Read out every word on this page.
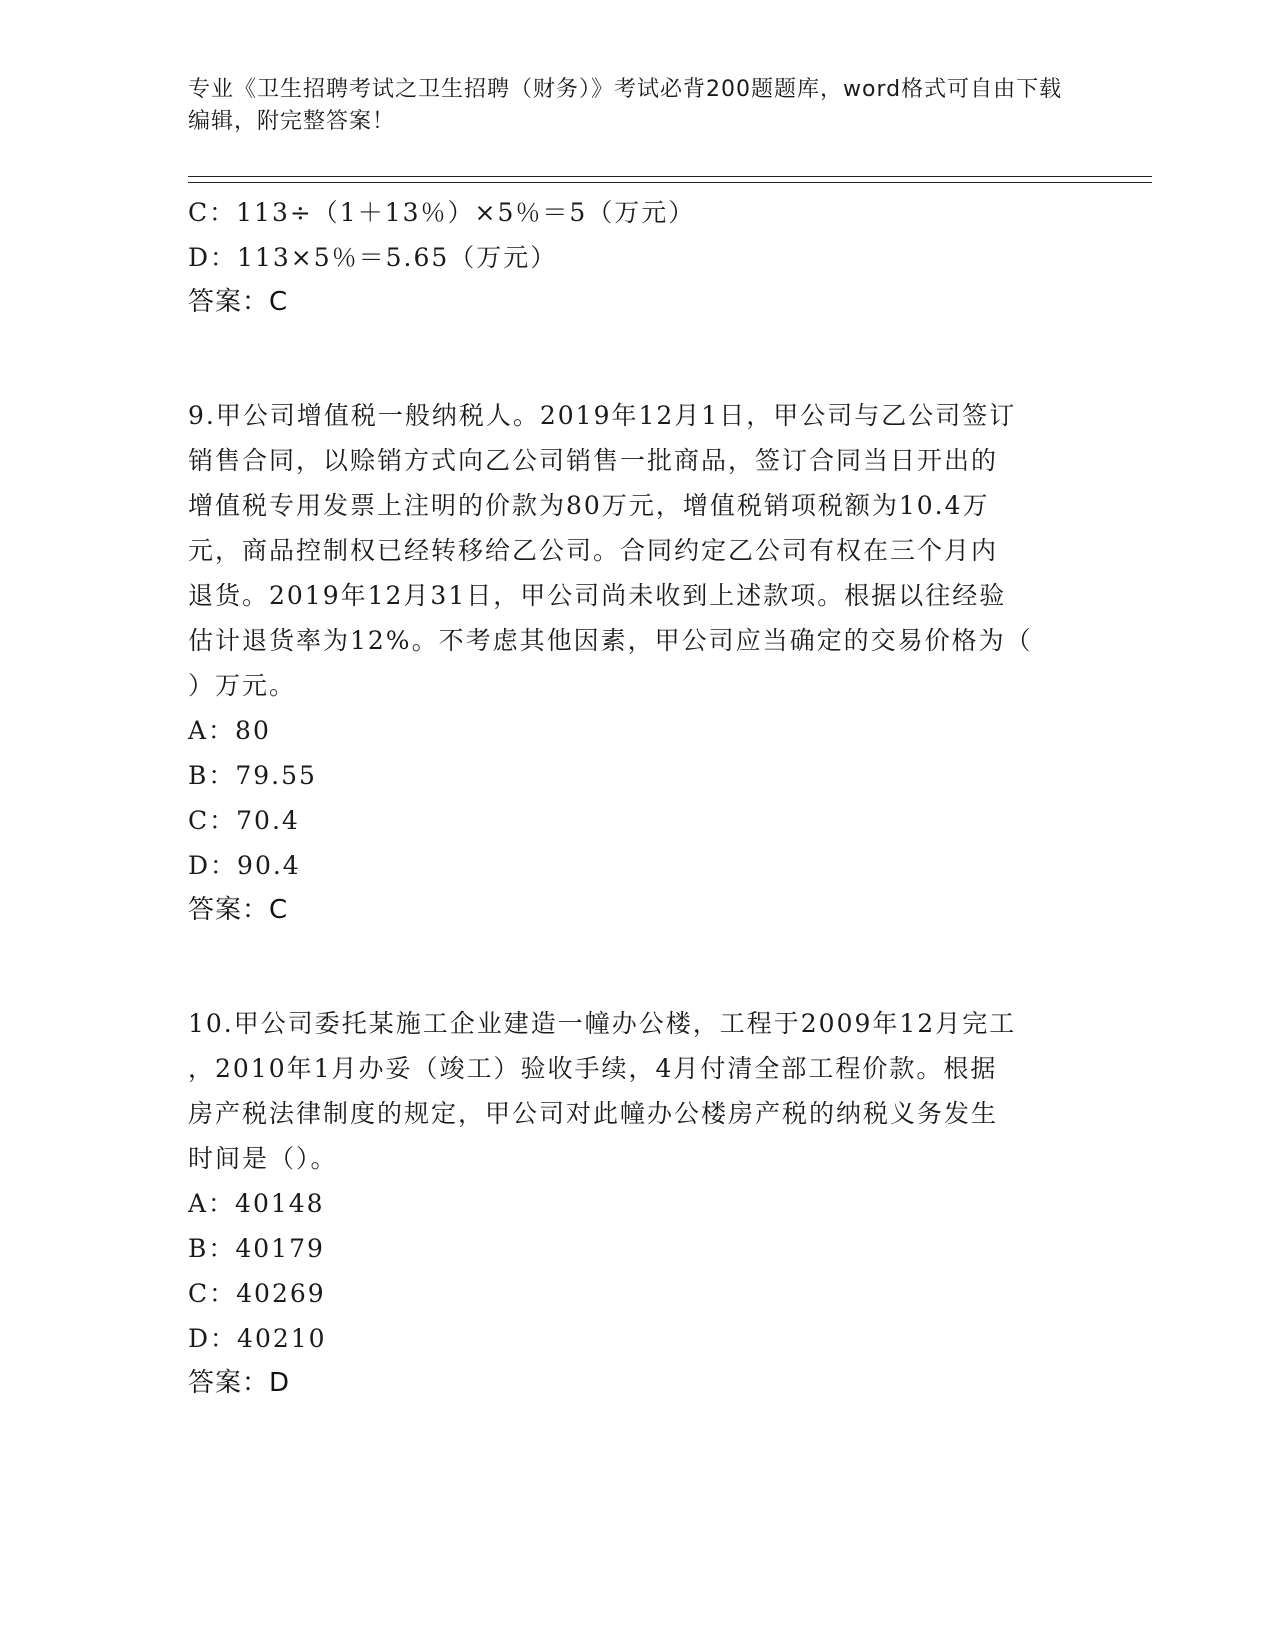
专业《卫生招聘考试之卫生招聘（财务）》考试必背200题题库，word格式可自由下载编辑，附完整答案！
C：113÷（1＋13％）×5％＝5（万元）
D：113×5％＝5.65（万元）
答案：C
9.甲公司增值税一般纳税人。2019年12月1日，甲公司与乙公司签订
销售合同，以赊销方式向乙公司销售一批商品，签订合同当日开出的
增值税专用发票上注明的价款为80万元，增值税销项税额为10.4万
元，商品控制权已经转移给乙公司。合同约定乙公司有权在三个月内
退货。2019年12月31日，甲公司尚未收到上述款项。根据以往经验
估计退货率为12%。不考虑其他因素，甲公司应当确定的交易价格为（
）万元。
A：80
B：79.55
C：70.4
D：90.4
答案：C
10.甲公司委托某施工企业建造一幢办公楼，工程于2009年12月完工
，2010年1月办妥（竣工）验收手续，4月付清全部工程价款。根据
房产税法律制度的规定，甲公司对此幢办公楼房产税的纳税义务发生
时间是（）。
A：40148
B：40179
C：40269
D：40210
答案：D
